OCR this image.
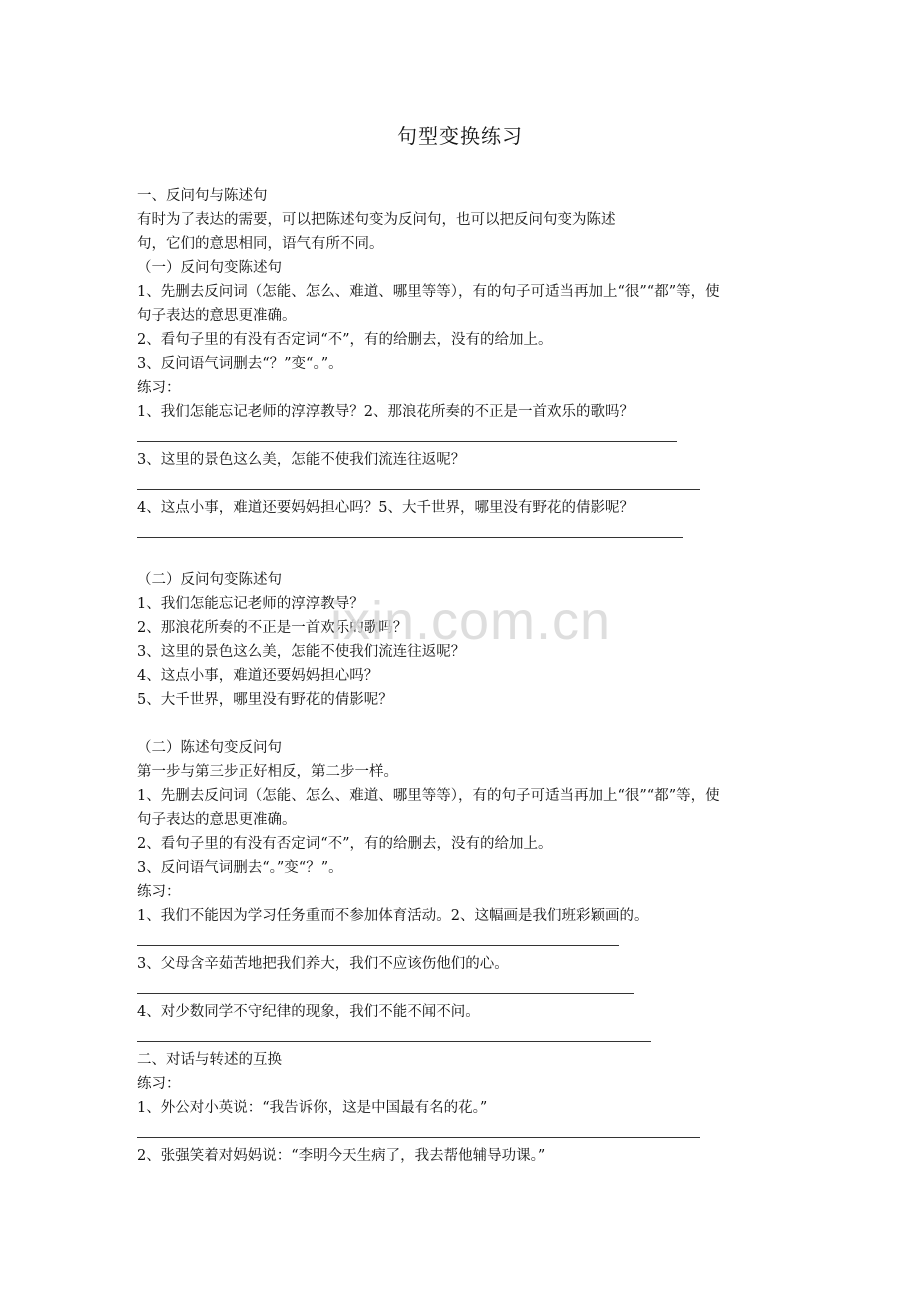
句型变换练习
一、反问句与陈述句
有时为了表达的需要，可以把陈述句变为反问句，也可以把反问句变为陈述
句，它们的意思相同，语气有所不同。
（一）反问句变陈述句
1、先删去反问词（怎能、怎么、难道、哪里等等），有的句子可适当再加上“很”“都”等，使
句子表达的意思更准确。
2、看句子里的有没有否定词“不”，有的给删去，没有的给加上。
3、反问语气词删去“？”变“。”。
练习：
1、我们怎能忘记老师的淳淳教导？2、那浪花所奏的不正是一首欢乐的歌吗？
3、这里的景色这么美，怎能不使我们流连往返呢？
4、这点小事，难道还要妈妈担心吗？5、大千世界，哪里没有野花的倩影呢？
（二）反问句变陈述句
1、我们怎能忘记老师的淳淳教导？
2、那浪花所奏的不正是一首欢乐的歌吗？
3、这里的景色这么美，怎能不使我们流连往返呢？
4、这点小事，难道还要妈妈担心吗？
5、大千世界，哪里没有野花的倩影呢？
（二）陈述句变反问句
第一步与第三步正好相反，第二步一样。
1、先删去反问词（怎能、怎么、难道、哪里等等），有的句子可适当再加上“很”“都”等，使
句子表达的意思更准确。
2、看句子里的有没有否定词“不”，有的给删去，没有的给加上。
3、反问语气词删去“。”变“？”。
练习：
1、我们不能因为学习任务重而不参加体育活动。2、这幅画是我们班彩颖画的。
3、父母含辛茹苦地把我们养大，我们不应该伤他们的心。
4、对少数同学不守纪律的现象，我们不能不闻不问。
二、对话与转述的互换
练习：
1、外公对小英说：“我告诉你，这是中国最有名的花。”
2、张强笑着对妈妈说：“李明今天生病了，我去帮他辅导功课。”
ixin.com.cn
